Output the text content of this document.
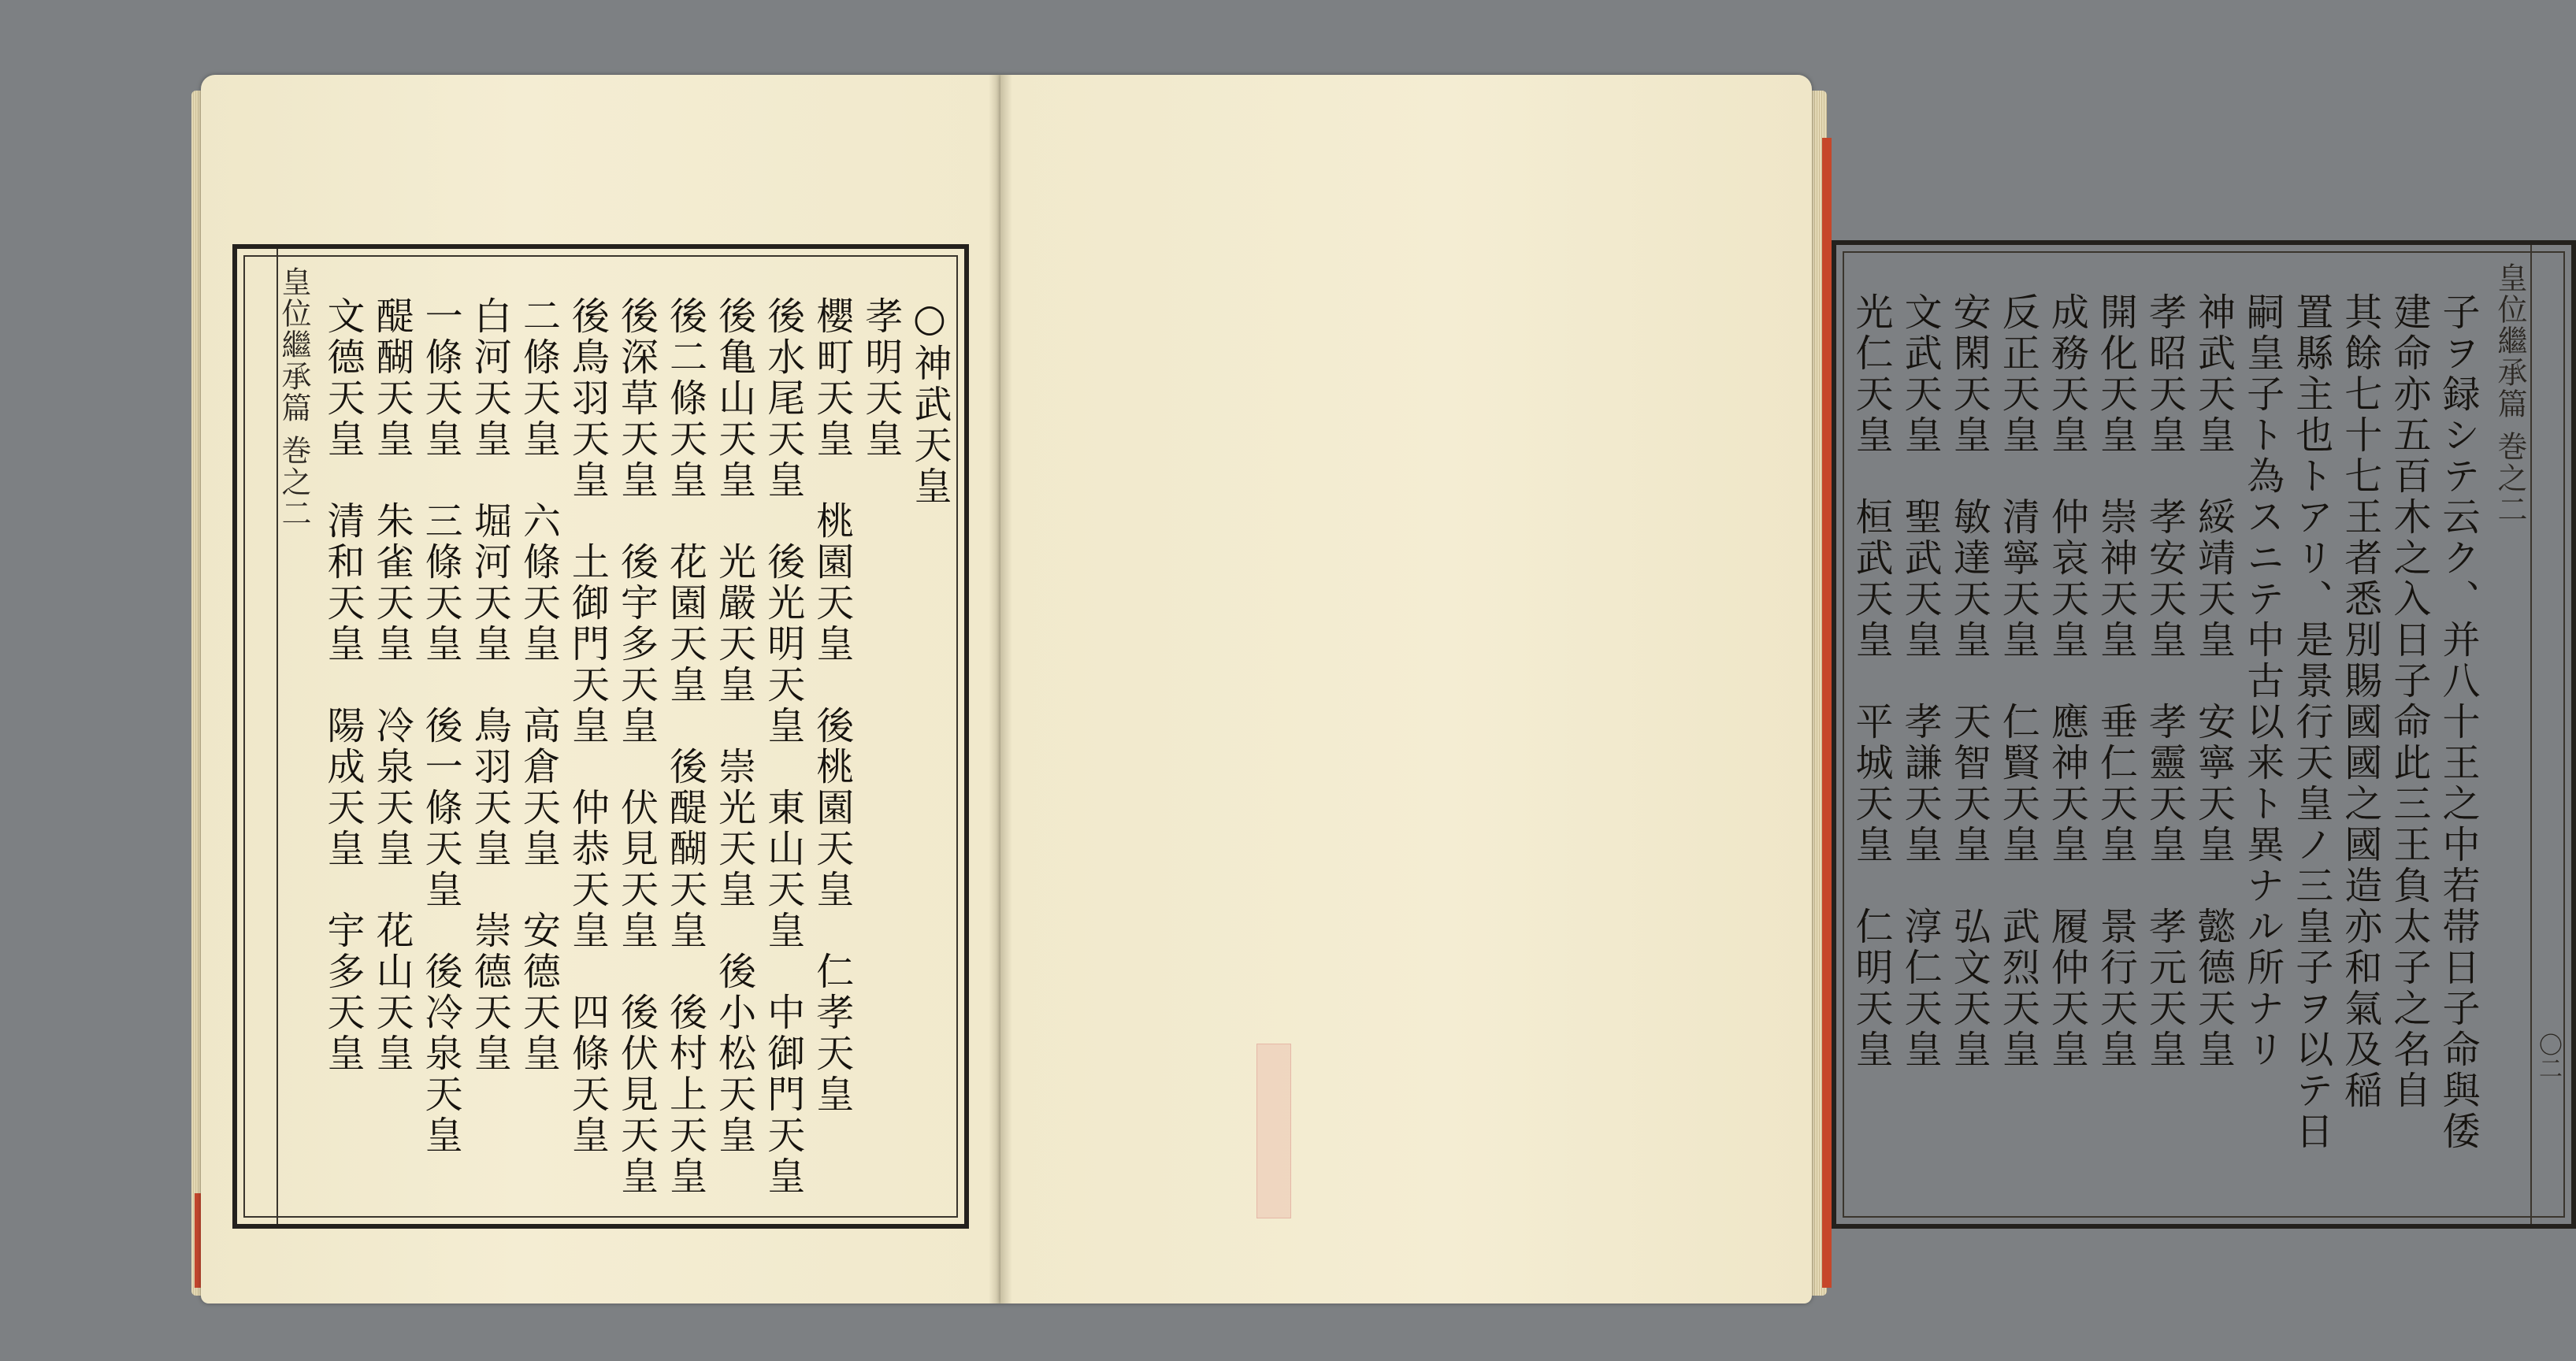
皇位繼承篇 巻之二	○神武天皇
孝明天皇
櫻町天皇　桃園天皇　後桃園天皇　仁孝天皇
後水尾天皇　後光明天皇　東山天皇　中御門天皇
後亀山天皇　光嚴天皇　崇光天皇　後小松天皇
後二條天皇　花園天皇　後醍醐天皇　後村上天皇
後深草天皇　後宇多天皇　伏見天皇　後伏見天皇
後鳥羽天皇　土御門天皇　仲恭天皇　四條天皇
二條天皇　六條天皇　高倉天皇　安德天皇
白河天皇　堀河天皇　鳥羽天皇　崇德天皇
一條天皇　三條天皇　後一條天皇　後冷泉天皇
醍醐天皇　朱雀天皇　冷泉天皇　花山天皇
文德天皇　清和天皇　陽成天皇　宇多天皇	皇位繼承篇 巻之二
〇二
子ヲ録シテ云ク、并八十王之中若帯日子命與倭
建命亦五百木之入日子命此三王負太子之名自
其餘七十七王者悉別賜國國之國造亦和氣及稲
置縣主也トアリ、是景行天皇ノ三皇子ヲ以テ日
嗣皇子ト為スニテ中古以来ト異ナル所ナリ
神武天皇　綏靖天皇　安寧天皇　懿德天皇
孝昭天皇　孝安天皇　孝靈天皇　孝元天皇
開化天皇　崇神天皇　垂仁天皇　景行天皇
成務天皇　仲哀天皇　應神天皇　履仲天皇
反正天皇　清寧天皇　仁賢天皇　武烈天皇
安閑天皇　敏達天皇　天智天皇　弘文天皇
文武天皇　聖武天皇　孝謙天皇　淳仁天皇
光仁天皇　桓武天皇　平城天皇　仁明天皇
